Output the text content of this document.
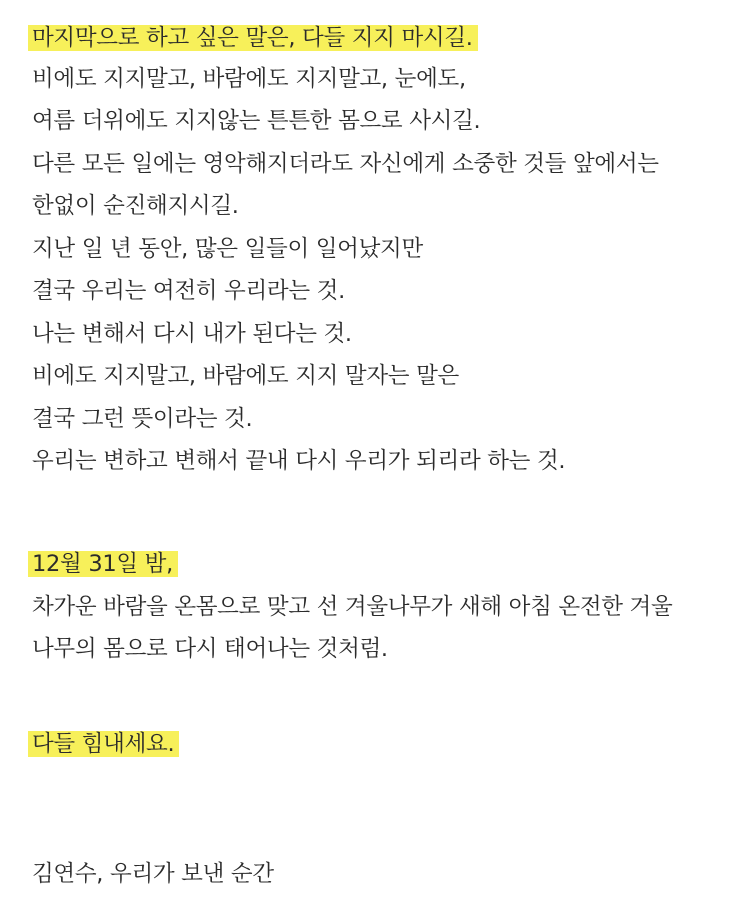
마지막으로 하고 싶은 말은, 다들 지지 마시길.
비에도 지지말고, 바람에도 지지말고, 눈에도,
여름 더위에도 지지않는 튼튼한 몸으로 사시길.
다른 모든 일에는 영악해지더라도 자신에게 소중한 것들 앞에서는
한없이 순진해지시길.
지난 일 년 동안, 많은 일들이 일어났지만
결국 우리는 여전히 우리라는 것.
나는 변해서 다시 내가 된다는 것.
비에도 지지말고, 바람에도 지지 말자는 말은
결국 그런 뜻이라는 것.
우리는 변하고 변해서 끝내 다시 우리가 되리라 하는 것.
12월 31일 밤,
차가운 바람을 온몸으로 맞고 선 겨울나무가 새해 아침 온전한 겨울
나무의 몸으로 다시 태어나는 것처럼.
다들 힘내세요.
김연수, 우리가 보낸 순간
